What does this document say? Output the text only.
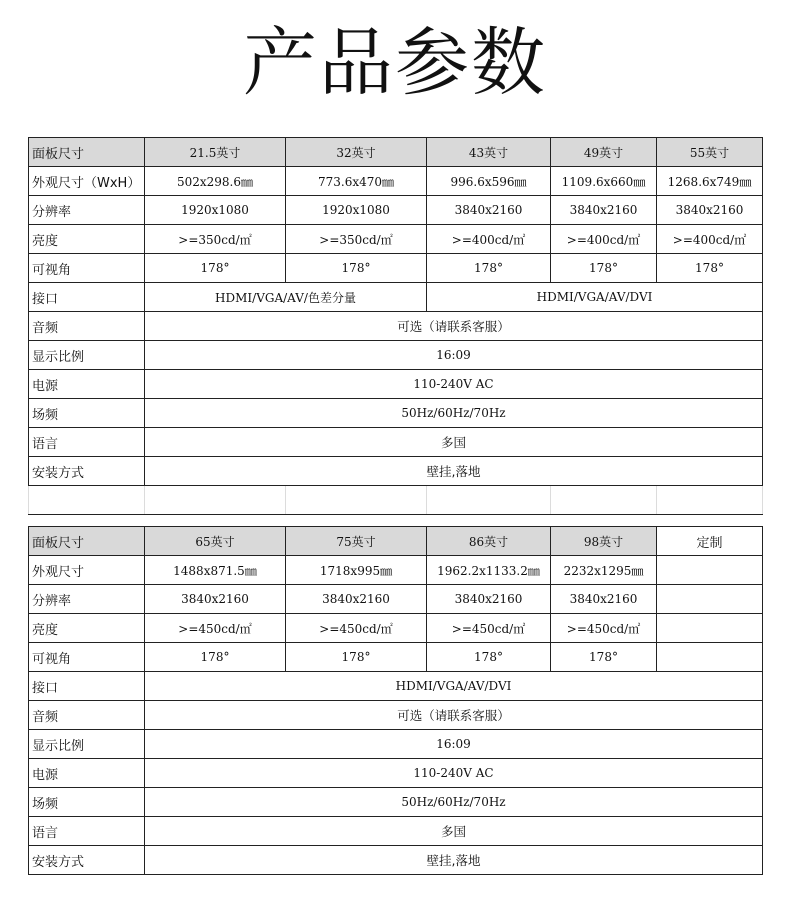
产品参数
面板尺寸	21.5英寸	32英寸	43英寸	49英寸	55英寸
外观尺寸（WxH）	502x298.6㎜	773.6x470㎜	996.6x596㎜	1109.6x660㎜	1268.6x749㎜
分辨率	1920x1080	1920x1080	3840x2160	3840x2160	3840x2160
亮度	>=350cd/㎡	>=350cd/㎡	>=400cd/㎡	>=400cd/㎡	>=400cd/㎡
可视角	178°	178°	178°	178°	178°
接口	HDMI/VGA/AV/色差分量		HDMI/VGA/AV/DVI		
音频	可选（请联系客服）				
显示比例	16:09				
电源	110-240V AC				
场频	50Hz/60Hz/70Hz				
语言	多国				
安装方式	壁挂,落地				

面板尺寸	65英寸	75英寸	86英寸	98英寸	定制
外观尺寸	1488x871.5㎜	1718x995㎜	1962.2x1133.2㎜	2232x1295㎜	
分辨率	3840x2160	3840x2160	3840x2160	3840x2160	
亮度	>=450cd/㎡	>=450cd/㎡	>=450cd/㎡	>=450cd/㎡	
可视角	178°	178°	178°	178°	
接口	HDMI/VGA/AV/DVI				
音频	可选（请联系客服）				
显示比例	16:09				
电源	110-240V AC				
场频	50Hz/60Hz/70Hz				
语言	多国				
安装方式	壁挂,落地				
